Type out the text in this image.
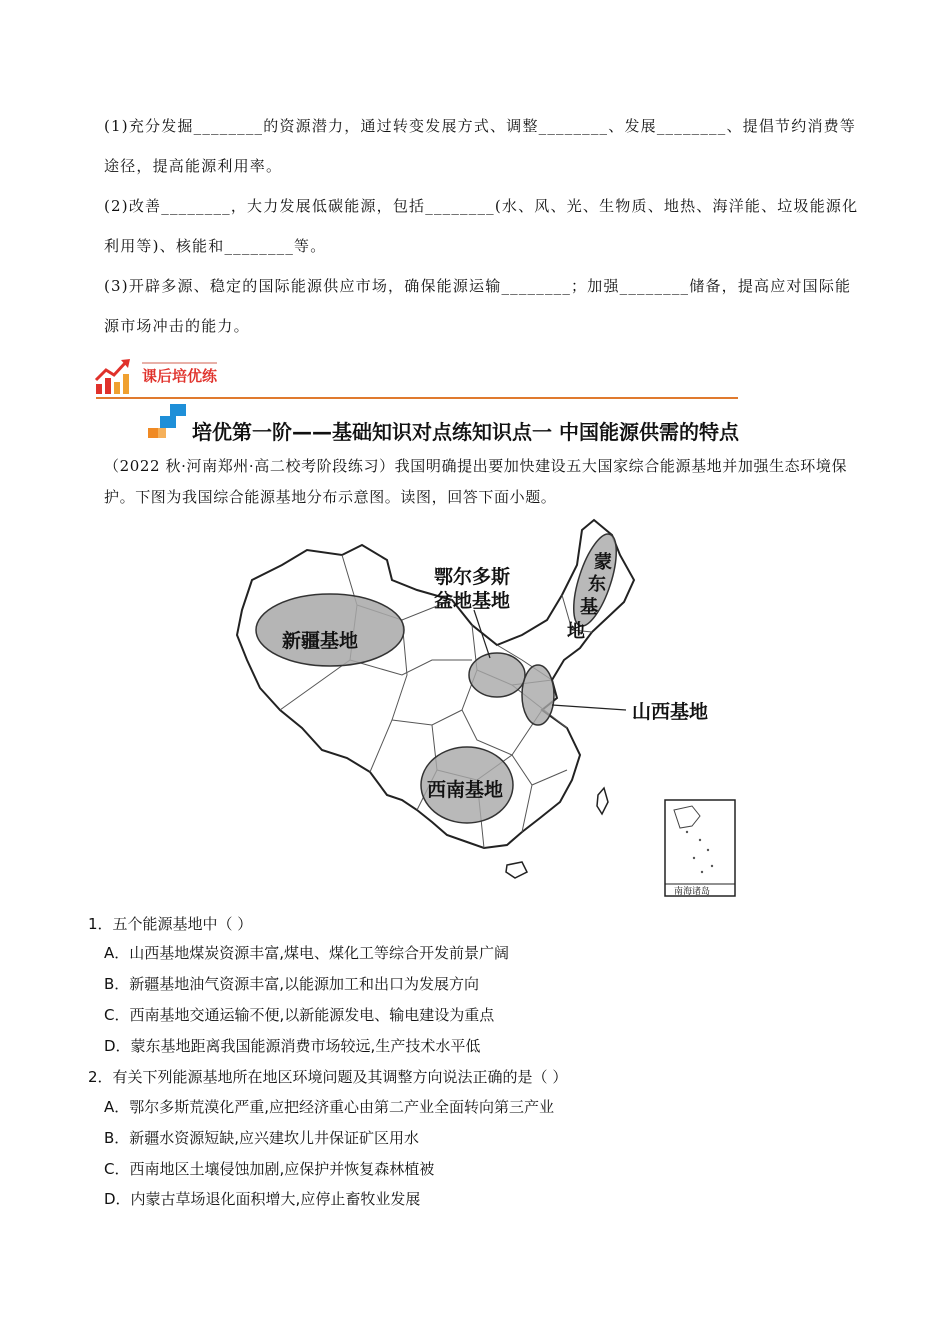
(1)充分发掘________的资源潜力，通过转变发展方式、调整________、发展________、提倡节约消费等途径，提高能源利用率。
(2)改善________，大力发展低碳能源，包括________(水、风、光、生物质、地热、海洋能、垃圾能源化利用等)、核能和________等。
(3)开辟多源、稳定的国际能源供应市场，确保能源运输________；加强________储备，提高应对国际能源市场冲击的能力。
课后培优练
培优第一阶——基础知识对点练知识点一 中国能源供需的特点
（2022 秋·河南郑州·高二校考阶段练习）我国明确提出要加快建设五大国家综合能源基地并加强生态环境保护。下图为我国综合能源基地分布示意图。读图，回答下面小题。
新疆基地
鄂尔多斯
盆地基地
蒙
东
基
地
山西基地
西南基地
南海诸岛
1．五个能源基地中（ ）
A．山西基地煤炭资源丰富,煤电、煤化工等综合开发前景广阔
B．新疆基地油气资源丰富,以能源加工和出口为发展方向
C．西南基地交通运输不便,以新能源发电、输电建设为重点
D．蒙东基地距离我国能源消费市场较远,生产技术水平低
2．有关下列能源基地所在地区环境问题及其调整方向说法正确的是（ ）
A．鄂尔多斯荒漠化严重,应把经济重心由第二产业全面转向第三产业
B．新疆水资源短缺,应兴建坎儿井保证矿区用水
C．西南地区土壤侵蚀加剧,应保护并恢复森林植被
D．内蒙古草场退化面积增大,应停止畜牧业发展
